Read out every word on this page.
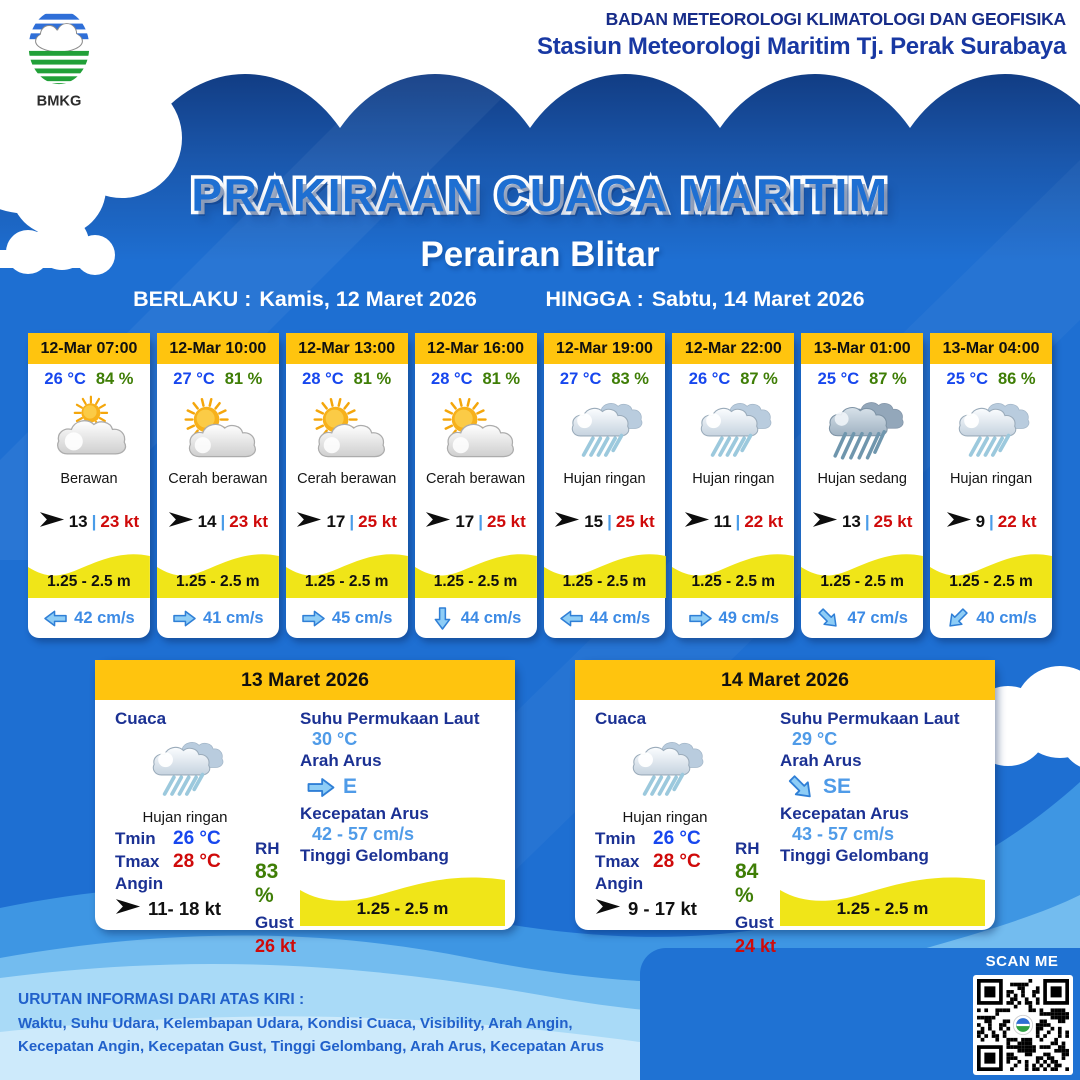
BMKG
BADAN METEOROLOGI KLIMATOLOGI DAN GEOFISIKA
Stasiun Meteorologi Maritim Tj. Perak Surabaya
PRAKIRAAN CUACA MARITIM
Perairan Blitar
BERLAKU : Kamis, 12 Maret 2026	HINGGA : Sabtu, 14 Maret 2026
12-Mar 07:00
26 °C 84 %
Berawan
13 | 23 kt
1.25 - 2.5 m
42 cm/s
12-Mar 10:00
27 °C 81 %
Cerah berawan
14 | 23 kt
1.25 - 2.5 m
41 cm/s
12-Mar 13:00
28 °C 81 %
Cerah berawan
17 | 25 kt
1.25 - 2.5 m
45 cm/s
12-Mar 16:00
28 °C 81 %
Cerah berawan
17 | 25 kt
1.25 - 2.5 m
44 cm/s
12-Mar 19:00
27 °C 83 %
Hujan ringan
15 | 25 kt
1.25 - 2.5 m
44 cm/s
12-Mar 22:00
26 °C 87 %
Hujan ringan
11 | 22 kt
1.25 - 2.5 m
49 cm/s
13-Mar 01:00
25 °C 87 %
Hujan sedang
13 | 25 kt
1.25 - 2.5 m
47 cm/s
13-Mar 04:00
25 °C 86 %
Hujan ringan
9 | 22 kt
1.25 - 2.5 m
40 cm/s
13 Maret 2026
Cuaca
Hujan ringan
Tmin 26 °C
Tmax 28 °C
Angin
11- 18 kt
RH
83 %
Gust
26 kt
Suhu Permukaan Laut
30 °C
Arah Arus
E
Kecepatan Arus
42 - 57 cm/s
Tinggi Gelombang
1.25 - 2.5 m
14 Maret 2026
Cuaca
Hujan ringan
Tmin 26 °C
Tmax 28 °C
Angin
9 - 17 kt
RH
84 %
Gust
24 kt
Suhu Permukaan Laut
29 °C
Arah Arus
SE
Kecepatan Arus
43 - 57 cm/s
Tinggi Gelombang
1.25 - 2.5 m
URUTAN INFORMASI DARI ATAS KIRI :
Waktu, Suhu Udara, Kelembapan Udara, Kondisi Cuaca, Visibility, Arah Angin,
Kecepatan Angin, Kecepatan Gust, Tinggi Gelombang, Arah Arus, Kecepatan Arus
SCAN ME
